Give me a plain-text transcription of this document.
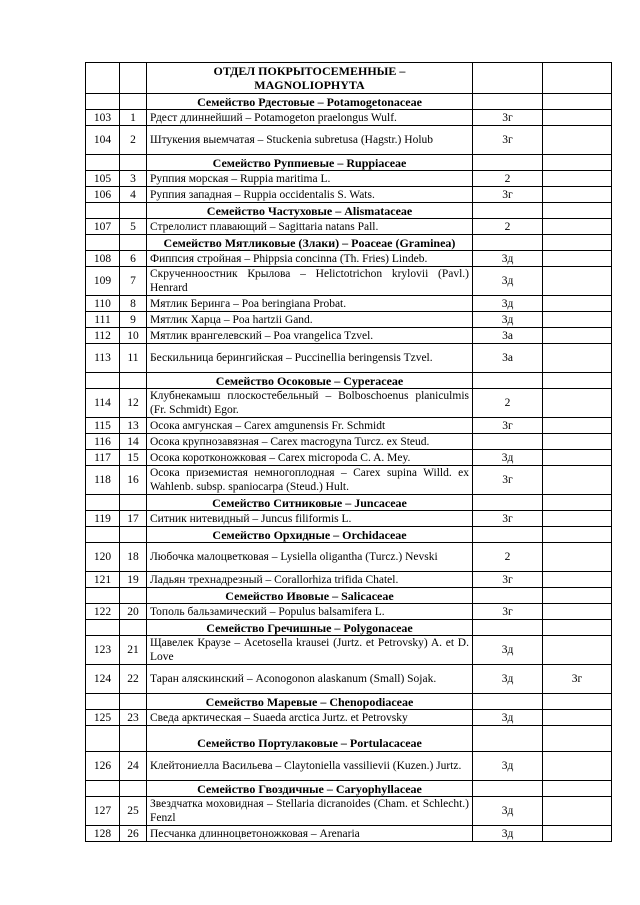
		ОТДЕЛ ПОКРЫТОСЕМЕННЫЕ –
MAGNOLIOPHYTA		

		Семейство Рдестовые – Potamogetonaceae		
103	1	Рдест длиннейший – Potamogeton praelongus Wulf.	3г	
104	2	Штукения выемчатая – Stuckenia subretusa (Hagstr.) Holub	3г	
		Семейство Руппиевые – Ruppiaceae		
105	3	Руппия морская – Ruppia maritima L.	2	
106	4	Руппия западная – Ruppia occidentalis S. Wats.	3г	
		Семейство Частуховые – Alismataceae		
107	5	Стрелолист плавающий – Sagittaria natans Pall.	2	
		Семейство Мятликовые (Злаки) – Poaceae (Graminea)		
108	6	Фиппсия стройная – Phippsia concinna (Th. Fries) Lindeb.	3д	
109	7	Скрученноостник Крылова – Helictotrichon krylovii (Pavl.) Henrard	3д	
110	8	Мятлик Беринга – Poa beringiana Probat.	3д	
111	9	Мятлик Харца – Poa hartzii Gand.	3д	
112	10	Мятлик врангелевский – Poa vrangelica Tzvel.	3а	
113	11	Бескильница берингийская – Puccinellia beringensis Tzvel.	3а	
		Семейство Осоковые – Cyperaceae		
114	12	Клубнекамыш плоскостебельный – Bolboschoenus planiculmis (Fr. Schmidt) Egor.	2	
115	13	Осока амгунская – Carex amgunensis Fr. Schmidt	3г	
116	14	Осока крупнозавязная – Carex macrogyna Turcz. ex Steud.		
117	15	Осока коротконожковая – Carex micropoda C. A. Mey.	3д	
118	16	Осока приземистая немногоплодная – Carex supina Willd. ex Wahlenb. subsp. spaniocarpa (Steud.) Hult.	3г	
		Семейство Ситниковые – Juncaceae		
119	17	Ситник нитевидный – Juncus filiformis L.	3г	
		Семейство Орхидные – Orchidaceae		
120	18	Любочка малоцветковая – Lysiella oligantha (Turcz.) Nevski	2	
121	19	Ладьян трехнадрезный – Corallorhiza trifida Chatel.	3г	
		Семейство Ивовые – Salicaceae		
122	20	Тополь бальзамический – Populus balsamifera L.	3г	
		Семейство Гречишные – Polygonaceae		
123	21	Щавелек Краузе – Acetosella krausei (Jurtz. et Petrovsky) A. et D. Love	3д	
124	22	Таран аляскинский – Aconogonon alaskanum (Small) Sojak.	3д	3г
		Семейство Маревые – Chenopodiaceae		
125	23	Сведа арктическая – Suaeda arctica Jurtz. et Petrovsky	3д	
		Семейство Портулаковые – Portulacaceae		
126	24	Клейтониелла Васильева – Claytoniella vassilievii (Kuzen.) Jurtz.	3д	
		Семейство Гвоздичные – Caryophyllaceae		
127	25	Звездчатка моховидная – Stellaria dicranoides (Cham. et Schlecht.) Fenzl	3д	
128	26	Песчанка длинноцветоножковая – Arenaria	3д	
